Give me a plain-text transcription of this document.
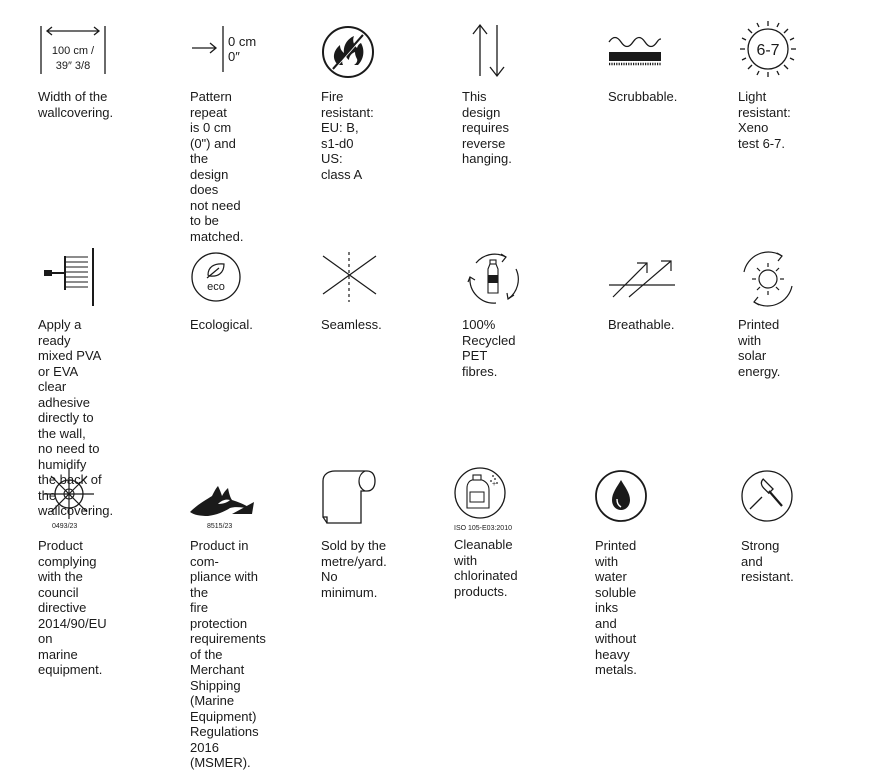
100 cm /
39″ 3/8
Width of the
wallcovering.
0 cm
0″
Pattern repeat
is 0 cm (0") and
the design does
not need to be
matched.
Fire resistant:
EU: B, s1-d0
US: class A
This design
requires reverse
hanging.
Scrubbable.
6-7
Light resistant:
Xeno test 6-7.
Apply a ready
mixed PVA or EVA
clear adhesive
directly to the wall,
no need to humidify
the back of the
wallcovering.
eco
Ecological.	Seamless.	100% Recycled
PET fibres.
Breathable.	Printed with
solar energy.
0493/23
Product complying
with the council
directive
2014/90/EU on
marine equipment.
8515/23
Product in com-
pliance with the
fire protection
requirements
of the Merchant
Shipping (Marine
Equipment)
Regulations 2016
(MSMER).
Sold by the
metre/yard.
No minimum.
+
ISO 105-E03:2010
Cleanable with
chlorinated
products.
Printed with
water soluble
inks and
without heavy
metals.
Strong and
resistant.
